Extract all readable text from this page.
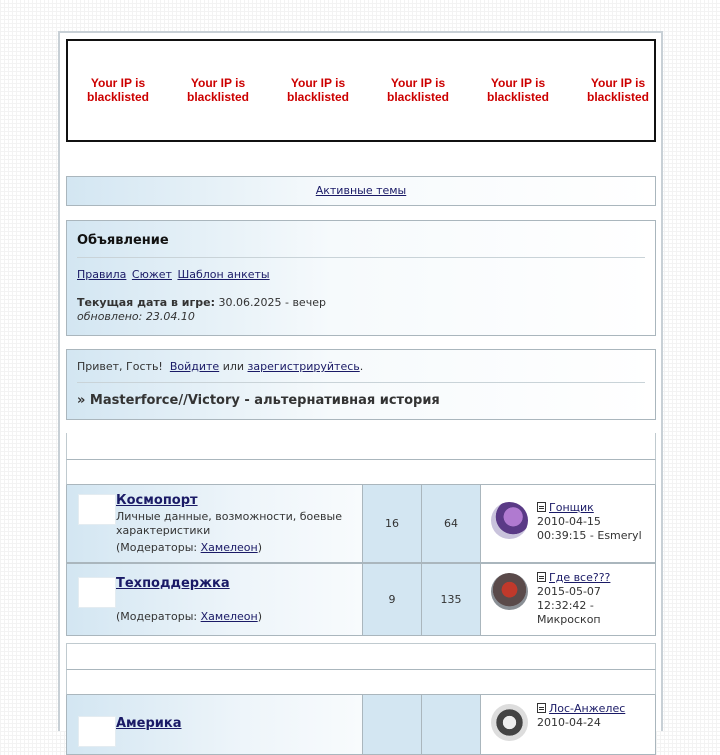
Your IP is blacklisted
Your IP is blacklisted
Your IP is blacklisted
Your IP is blacklisted
Your IP is blacklisted
Your IP is blacklisted
Активные темы
Объявление
Правила Сюжет Шаблон анкеты
Текущая дата в игре: 30.06.2025 - вечер
обновлено: 23.04.10
Привет, Гость! Войдите или зарегистрируйтесь.
» Masterforce//Victory - альтернативная история
Космопорт
Личные данные, возможности, боевые характеристики
(Модераторы: Хамелеон)
16	64
Гонщик
2010-04-15 00:39:15 - Esmeryl
Техподдержка
(Модераторы: Хамелеон)
9	135
Где все???
2015-05-07 12:32:42 - Микроскоп
Америка
Лос-Анжелес
2010-04-24
